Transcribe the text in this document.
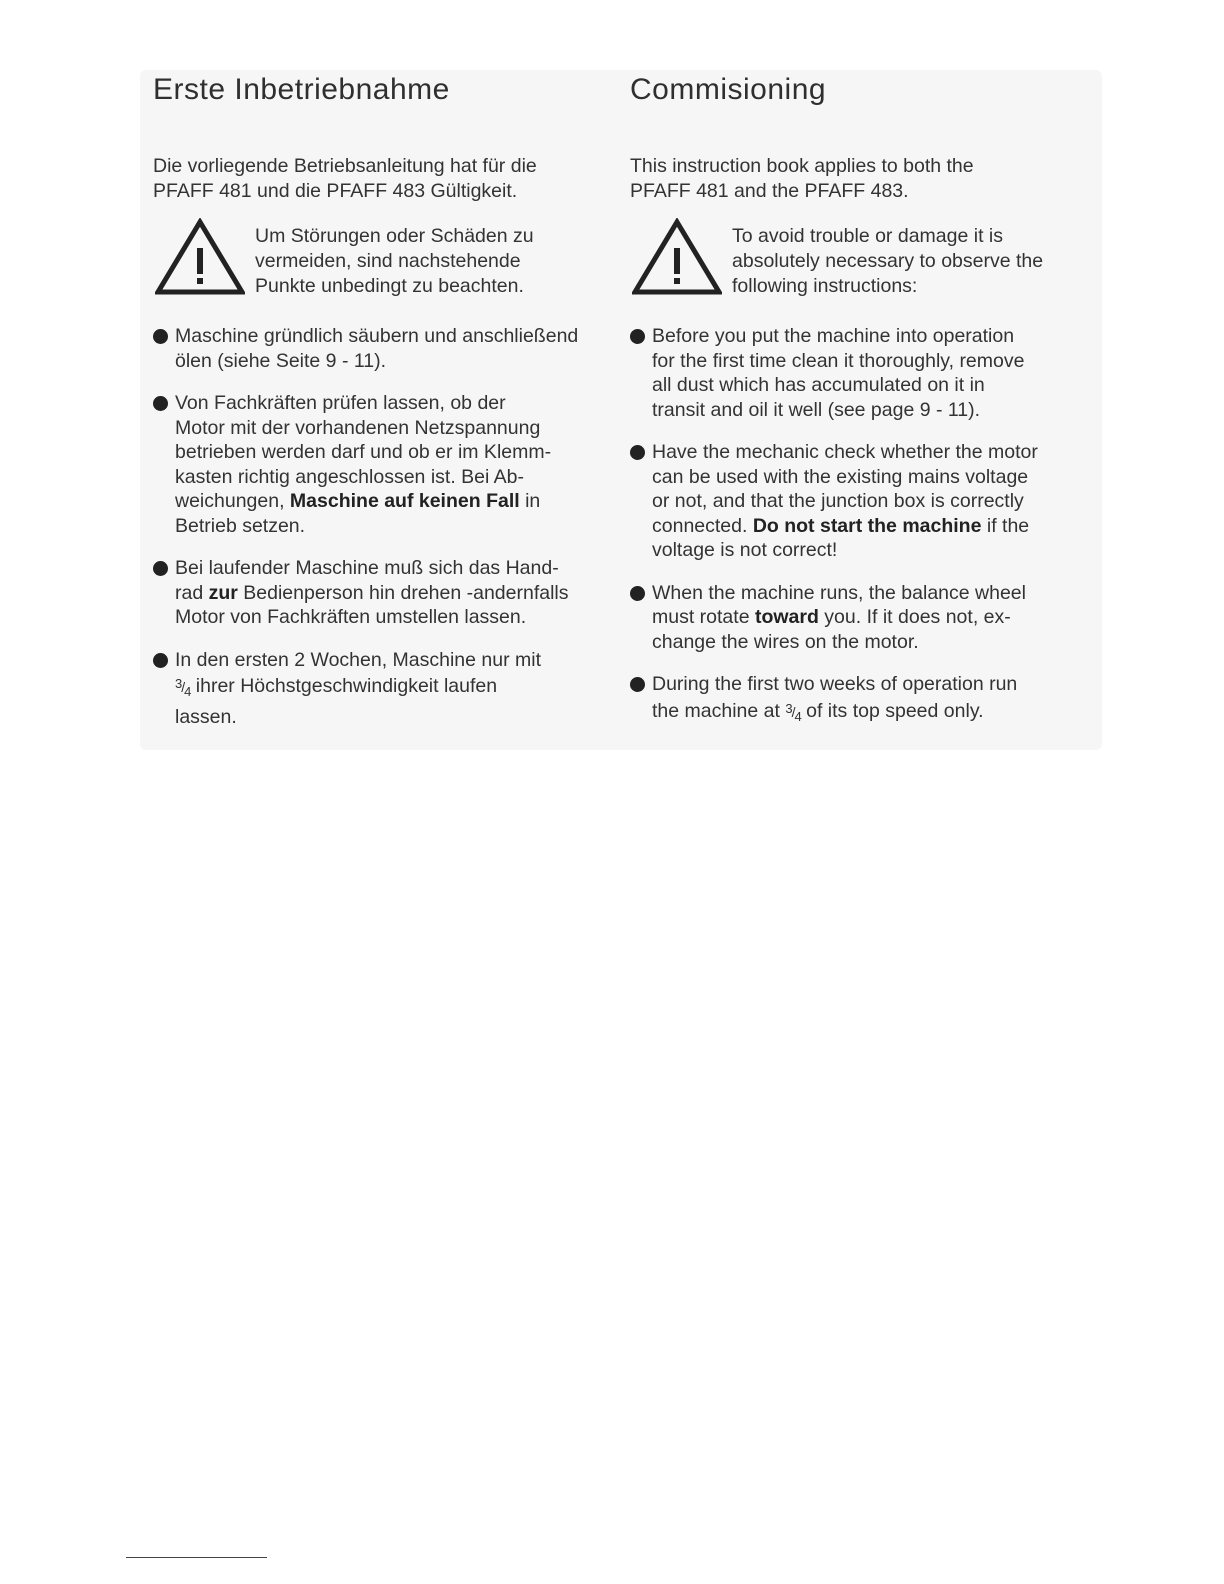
Erste Inbetriebnahme
Die vorliegende Betriebsanleitung hat für die
PFAFF 481 und die PFAFF 483 Gültigkeit.
Um Störungen oder Schäden zu
vermeiden, sind nachstehende
Punkte unbedingt zu beachten.
Maschine gründlich säubern und anschließend
ölen (siehe Seite 9 - 11).
Von Fachkräften prüfen lassen, ob der
Motor mit der vorhandenen Netzspannung
betrieben werden darf und ob er im Klemm-
kasten richtig angeschlossen ist. Bei Ab-
weichungen, Maschine auf keinen Fall in
Betrieb setzen.
Bei laufender Maschine muß sich das Hand-
rad zur Bedienperson hin drehen -andernfalls
Motor von Fachkräften umstellen lassen.
In den ersten 2 Wochen, Maschine nur mit
$^3/_4$ ihrer Höchstgeschwindigkeit laufen
lassen.
Commisioning
This instruction book applies to both the
PFAFF 481 and the PFAFF 483.
To avoid trouble or damage it is
absolutely necessary to observe the
following instructions:
Before you put the machine into operation
for the first time clean it thoroughly, remove
all dust which has accumulated on it in
transit and oil it well (see page 9 - 11).
Have the mechanic check whether the motor
can be used with the existing mains voltage
or not, and that the junction box is correctly
connected. Do not start the machine if the
voltage is not correct!
When the machine runs, the balance wheel
must rotate toward you. If it does not, ex-
change the wires on the motor.
During the first two weeks of operation run
the machine at $^3/_4$ of its top speed only.
